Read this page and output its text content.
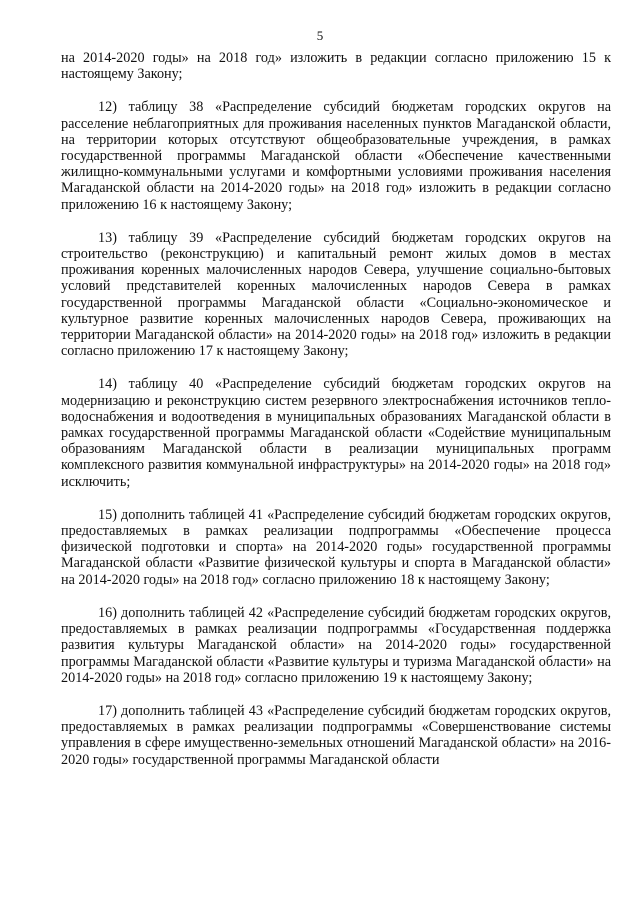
5

на 2014-2020 годы» на 2018 год» изложить в редакции согласно приложению 15 к настоящему Закону;

12) таблицу 38 «Распределение субсидий бюджетам городских округов на расселение неблагоприятных для проживания населенных пунктов Магаданской области, на территории которых отсутствуют общеобразовательные учреждения, в рамках государственной программы Магаданской области «Обеспечение качественными жилищно-коммунальными услугами и комфортными условиями проживания населения Магаданской области на 2014-2020 годы» на 2018 год» изложить в редакции согласно приложению 16 к настоящему Закону;

13) таблицу 39 «Распределение субсидий бюджетам городских округов на строительство (реконструкцию) и капитальный ремонт жилых домов в местах проживания коренных малочисленных народов Севера, улучшение социально-бытовых условий представителей коренных малочисленных народов Севера в рамках государственной программы Магаданской области «Социально-экономическое и культурное развитие коренных малочисленных народов Севера, проживающих на территории Магаданской области» на 2014-2020 годы» на 2018 год» изложить в редакции согласно приложению 17 к настоящему Закону;

14) таблицу 40 «Распределение субсидий бюджетам городских округов на модернизацию и реконструкцию систем резервного электроснабжения источников тепло-водоснабжения и водоотведения в муниципальных образованиях Магаданской области в рамках государственной программы Магаданской области «Содействие муниципальным образованиям Магаданской области в реализации муниципальных программ комплексного развития коммунальной инфраструктуры» на 2014-2020 годы» на 2018 год» исключить;

15) дополнить таблицей 41 «Распределение субсидий бюджетам городских округов, предоставляемых в рамках реализации подпрограммы «Обеспечение процесса физической подготовки и спорта» на 2014-2020 годы» государственной программы Магаданской области «Развитие физической культуры и спорта в Магаданской области» на 2014-2020 годы» на 2018 год» согласно приложению 18 к настоящему Закону;

16) дополнить таблицей 42 «Распределение субсидий бюджетам городских округов, предоставляемых в рамках реализации подпрограммы «Государственная поддержка развития культуры Магаданской области» на 2014-2020 годы» государственной программы Магаданской области «Развитие культуры и туризма Магаданской области» на 2014-2020 годы» на 2018 год» согласно приложению 19 к настоящему Закону;

17) дополнить таблицей 43 «Распределение субсидий бюджетам городских округов, предоставляемых в рамках реализации подпрограммы «Совершенствование системы управления в сфере имущественно-земельных отношений Магаданской области» на 2016-2020 годы» государственной программы Магаданской области
